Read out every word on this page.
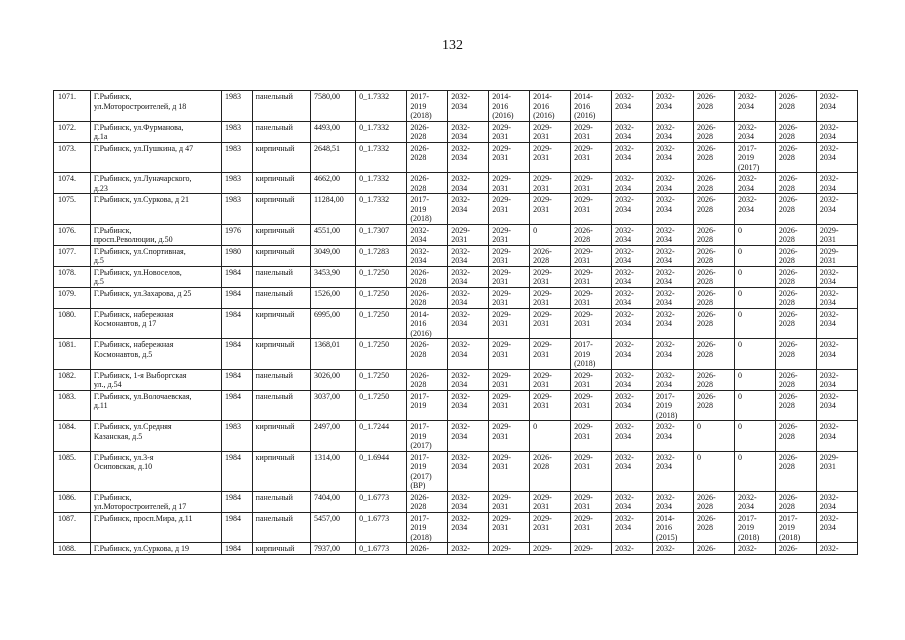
132
1071.	Г.Рыбинск,
ул.Моторостроителей, д 18	1983	панельный	7580,00	0_1.7332	2017-
2019
(2018)	2032-
2034	2014-
2016
(2016)	2014-
2016
(2016)	2014-
2016
(2016)	2032-
2034	2032-
2034	2026-
2028	2032-
2034	2026-
2028	2032-
2034
1072.	Г.Рыбинск, ул.Фурманова,
д.1а	1983	панельный	4493,00	0_1.7332	2026-
2028	2032-
2034	2029-
2031	2029-
2031	2029-
2031	2032-
2034	2032-
2034	2026-
2028	2032-
2034	2026-
2028	2032-
2034
1073.	Г.Рыбинск, ул.Пушкина, д 47	1983	кирпичный	2648,51	0_1.7332	2026-
2028	2032-
2034	2029-
2031	2029-
2031	2029-
2031	2032-
2034	2032-
2034	2026-
2028	2017-
2019
(2017)	2026-
2028	2032-
2034
1074.	Г.Рыбинск, ул.Луначарского,
д.23	1983	кирпичный	4662,00	0_1.7332	2026-
2028	2032-
2034	2029-
2031	2029-
2031	2029-
2031	2032-
2034	2032-
2034	2026-
2028	2032-
2034	2026-
2028	2032-
2034
1075.	Г.Рыбинск, ул.Суркова, д 21	1983	кирпичный	11284,00	0_1.7332	2017-
2019
(2018)	2032-
2034	2029-
2031	2029-
2031	2029-
2031	2032-
2034	2032-
2034	2026-
2028	2032-
2034	2026-
2028	2032-
2034
1076.	Г.Рыбинск,
просп.Революции, д.50	1976	кирпичный	4551,00	0_1.7307	2032-
2034	2029-
2031	2029-
2031	0	2026-
2028	2032-
2034	2032-
2034	2026-
2028	0	2026-
2028	2029-
2031
1077.	Г.Рыбинск, ул.Спортивная,
д.5	1980	кирпичный	3049,00	0_1.7283	2032-
2034	2032-
2034	2029-
2031	2026-
2028	2029-
2031	2032-
2034	2032-
2034	2026-
2028	0	2026-
2028	2029-
2031
1078.	Г.Рыбинск, ул.Новоселов,
д.5	1984	панельный	3453,90	0_1.7250	2026-
2028	2032-
2034	2029-
2031	2029-
2031	2029-
2031	2032-
2034	2032-
2034	2026-
2028	0	2026-
2028	2032-
2034
1079.	Г.Рыбинск, ул.Захарова, д 25	1984	панельный	1526,00	0_1.7250	2026-
2028	2032-
2034	2029-
2031	2029-
2031	2029-
2031	2032-
2034	2032-
2034	2026-
2028	0	2026-
2028	2032-
2034
1080.	Г.Рыбинск, набережная
Космонавтов, д 17	1984	кирпичный	6995,00	0_1.7250	2014-
2016
(2016)	2032-
2034	2029-
2031	2029-
2031	2029-
2031	2032-
2034	2032-
2034	2026-
2028	0	2026-
2028	2032-
2034
1081.	Г.Рыбинск, набережная
Космонавтов, д.5	1984	кирпичный	1368,01	0_1.7250	2026-
2028	2032-
2034	2029-
2031	2029-
2031	2017-
2019
(2018)	2032-
2034	2032-
2034	2026-
2028	0	2026-
2028	2032-
2034
1082.	Г.Рыбинск, 1-я Выборгская
ул., д.54	1984	панельный	3026,00	0_1.7250	2026-
2028	2032-
2034	2029-
2031	2029-
2031	2029-
2031	2032-
2034	2032-
2034	2026-
2028	0	2026-
2028	2032-
2034
1083.	Г.Рыбинск, ул.Волочаевская,
д.11	1984	панельный	3037,00	0_1.7250	2017-
2019	2032-
2034	2029-
2031	2029-
2031	2029-
2031	2032-
2034	2017-
2019
(2018)	2026-
2028	0	2026-
2028	2032-
2034
1084.	Г.Рыбинск, ул.Средняя
Казанская, д.5	1983	кирпичный	2497,00	0_1.7244	2017-
2019
(2017)	2032-
2034	2029-
2031	0	2029-
2031	2032-
2034	2032-
2034	0	0	2026-
2028	2032-
2034
1085.	Г.Рыбинск, ул.3-я
Осиповская, д.10	1984	кирпичный	1314,00	0_1.6944	2017-
2019
(2017)
(ВР)	2032-
2034	2029-
2031	2026-
2028	2029-
2031	2032-
2034	2032-
2034	0	0	2026-
2028	2029-
2031
1086.	Г.Рыбинск,
ул.Моторостроителей, д 17	1984	панельный	7404,00	0_1.6773	2026-
2028	2032-
2034	2029-
2031	2029-
2031	2029-
2031	2032-
2034	2032-
2034	2026-
2028	2032-
2034	2026-
2028	2032-
2034
1087.	Г.Рыбинск, просп.Мира, д.11	1984	панельный	5457,00	0_1.6773	2017-
2019
(2018)	2032-
2034	2029-
2031	2029-
2031	2029-
2031	2032-
2034	2014-
2016
(2015)	2026-
2028	2017-
2019
(2018)	2017-
2019
(2018)	2032-
2034
1088.	Г.Рыбинск, ул.Суркова, д 19	1984	кирпичный	7937,00	0_1.6773	2026-	2032-	2029-	2029-	2029-	2032-	2032-	2026-	2032-	2026-	2032-
